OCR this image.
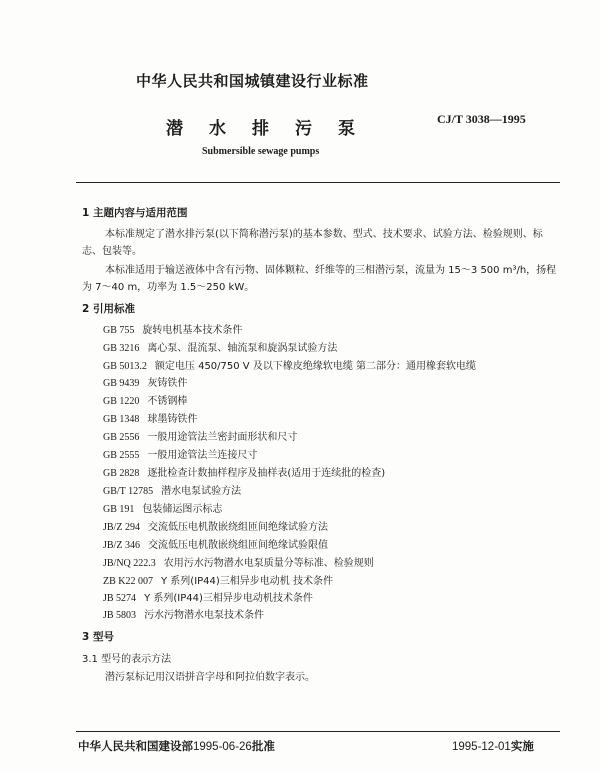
中华人民共和国城镇建设行业标准
潜水排污泵	CJ/T 3038—1995
Submersible sewage pumps
1 主题内容与适用范围
本标准规定了潜水排污泵(以下简称潜污泵)的基本参数、型式、技术要求、试验方法、检验规则、标
志、包装等。
本标准适用于输送液体中含有污物、固体颗粒、纤维等的三相潜污泵，流量为 15～3 500 m³/h，扬程
为 7～40 m，功率为 1.5～250 kW。
2 引用标准
GB 755 旋转电机基本技术条件
GB 3216 离心泵、混流泵、轴流泵和旋涡泵试验方法
GB 5013.2 额定电压 450/750 V 及以下橡皮绝缘软电缆 第二部分：通用橡套软电缆
GB 9439 灰铸铁件
GB 1220 不锈钢棒
GB 1348 球墨铸铁件
GB 2556 一般用途管法兰密封面形状和尺寸
GB 2555 一般用途管法兰连接尺寸
GB 2828 逐批检查计数抽样程序及抽样表(适用于连续批的检查)
GB/T 12785 潜水电泵试验方法
GB 191 包装储运图示标志
JB/Z 294 交流低压电机散嵌绕组匝间绝缘试验方法
JB/Z 346 交流低压电机散嵌绕组匝间绝缘试验限值
JB/NQ 222.3 农用污水污物潜水电泵质量分等标准、检验规则
ZB K22 007 Y 系列(IP44)三相异步电动机 技术条件
JB 5274 Y 系列(IP44)三相异步电动机技术条件
JB 5803 污水污物潜水电泵技术条件
3 型号
3.1 型号的表示方法
潜污泵标记用汉语拼音字母和阿拉伯数字表示。
中华人民共和国建设部1995-06-26批准	1995-12-01实施
